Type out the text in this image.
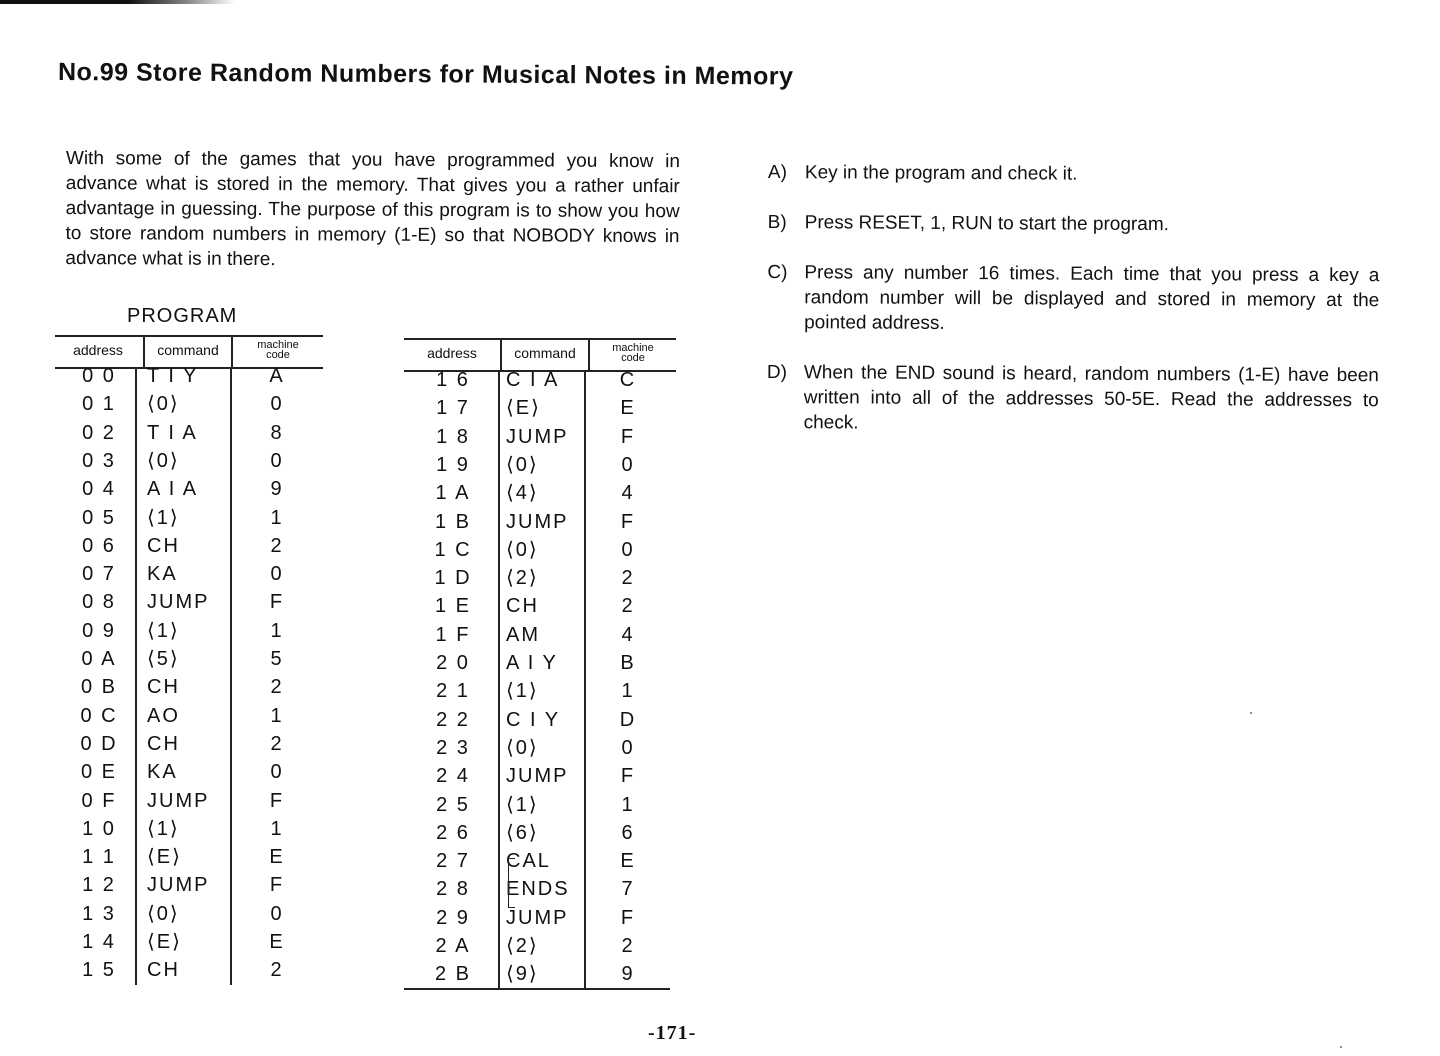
No.99 Store Random Numbers for Musical Notes in Memory

With some of the games that you have programmed you know in advance what is stored in the memory. That gives you a rather unfair advantage in guessing. The purpose of this program is to show you how to store random numbers in memory (1-E) so that NOBODY knows in advance what is in there.

PROGRAM
address	command	machine
code
0 0	T I Y	A
0 1	⟨0⟩	0
0 2	T I A	8
0 3	⟨0⟩	0
0 4	A I A	9
0 5	⟨1⟩	1
0 6	CH	2
0 7	KA	0
0 8	JUMP	F
0 9	⟨1⟩	1
0 A	⟨5⟩	5
0 B	CH	2
0 C	AO	1
0 D	CH	2
0 E	KA	0
0 F	JUMP	F
1 0	⟨1⟩	1
1 1	⟨E⟩	E
1 2	JUMP	F
1 3	⟨0⟩	0
1 4	⟨E⟩	E
1 5	CH	2
address	command	machine
code
1 6	C I A	C
1 7	⟨E⟩	E
1 8	JUMP	F
1 9	⟨0⟩	0
1 A	⟨4⟩	4
1 B	JUMP	F
1 C	⟨0⟩	0
1 D	⟨2⟩	2
1 E	CH	2
1 F	AM	4
2 0	A I Y	B
2 1	⟨1⟩	1
2 2	C I Y	D
2 3	⟨0⟩	0
2 4	JUMP	F
2 5	⟨1⟩	1
2 6	⟨6⟩	6
2 7	CAL	E
2 8	ENDS	7
2 9	JUMP	F
2 A	⟨2⟩	2
2 B	⟨9⟩	9
A) Key in the program and check it.
B) Press RESET, 1, RUN to start the program.
C) Press any number 16 times. Each time that you press a key a random number will be displayed and stored in memory at the pointed address.
D) When the END sound is heard, random numbers (1-E) have been written into all of the addresses 50-5E. Read the addresses to check.
-171-
